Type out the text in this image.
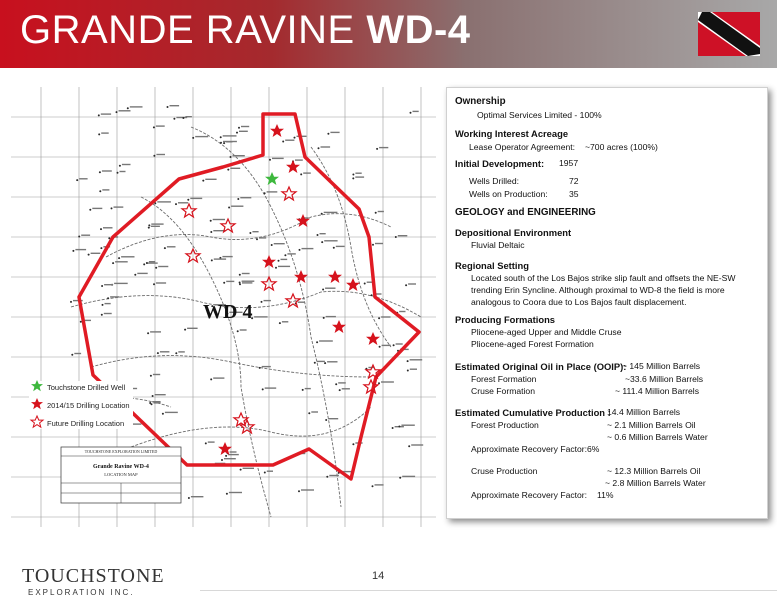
GRANDE RAVINE WD-4
WD 4
Touchstone Drilled Well
2014/15 Drilling Location
Future Drilling Location
TOUCHSTONE EXPLORATION LIMITED
Grande Ravine WD-4
LOCATION MAP
Ownership
Optimal Services Limited - 100%
Working Interest Acreage
Lease Operator Agreement: ~700 acres (100%)
Initial Development: 1957
Wells Drilled:	72
Wells on Production: 35
GEOLOGY and ENGINEERING
Depositional Environment
Fluvial Deltaic
Regional Setting
Located south of the Los Bajos strike slip fault and offsets the NE-SW
trending Erin Syncline. Although proximal to WD-8 the field is more
analogous to Coora due to Los Bajos fault displacement.
Producing Formations
Pliocene-aged Upper and Middle Cruse
Pliocene-aged Forest Formation
Estimated Original Oil in Place (OOIP):
~ 145 Million Barrels
Forest Formation	~33.6 Million Barrels
Cruse Formation	~ 111.4 Million Barrels
Estimated Cumulative Production :
14.4 Million Barrels
Forest Production	~ 2.1 Million Barrels Oil
~ 0.6 Million Barrels Water
Approximate Recovery Factor: 6%
Cruse Production	~ 12.3 Million Barrels Oil
~ 2.8 Million Barrels Water
Approximate Recovery Factor: 11%
TOUCHSTONE
EXPLORATION INC.
14
